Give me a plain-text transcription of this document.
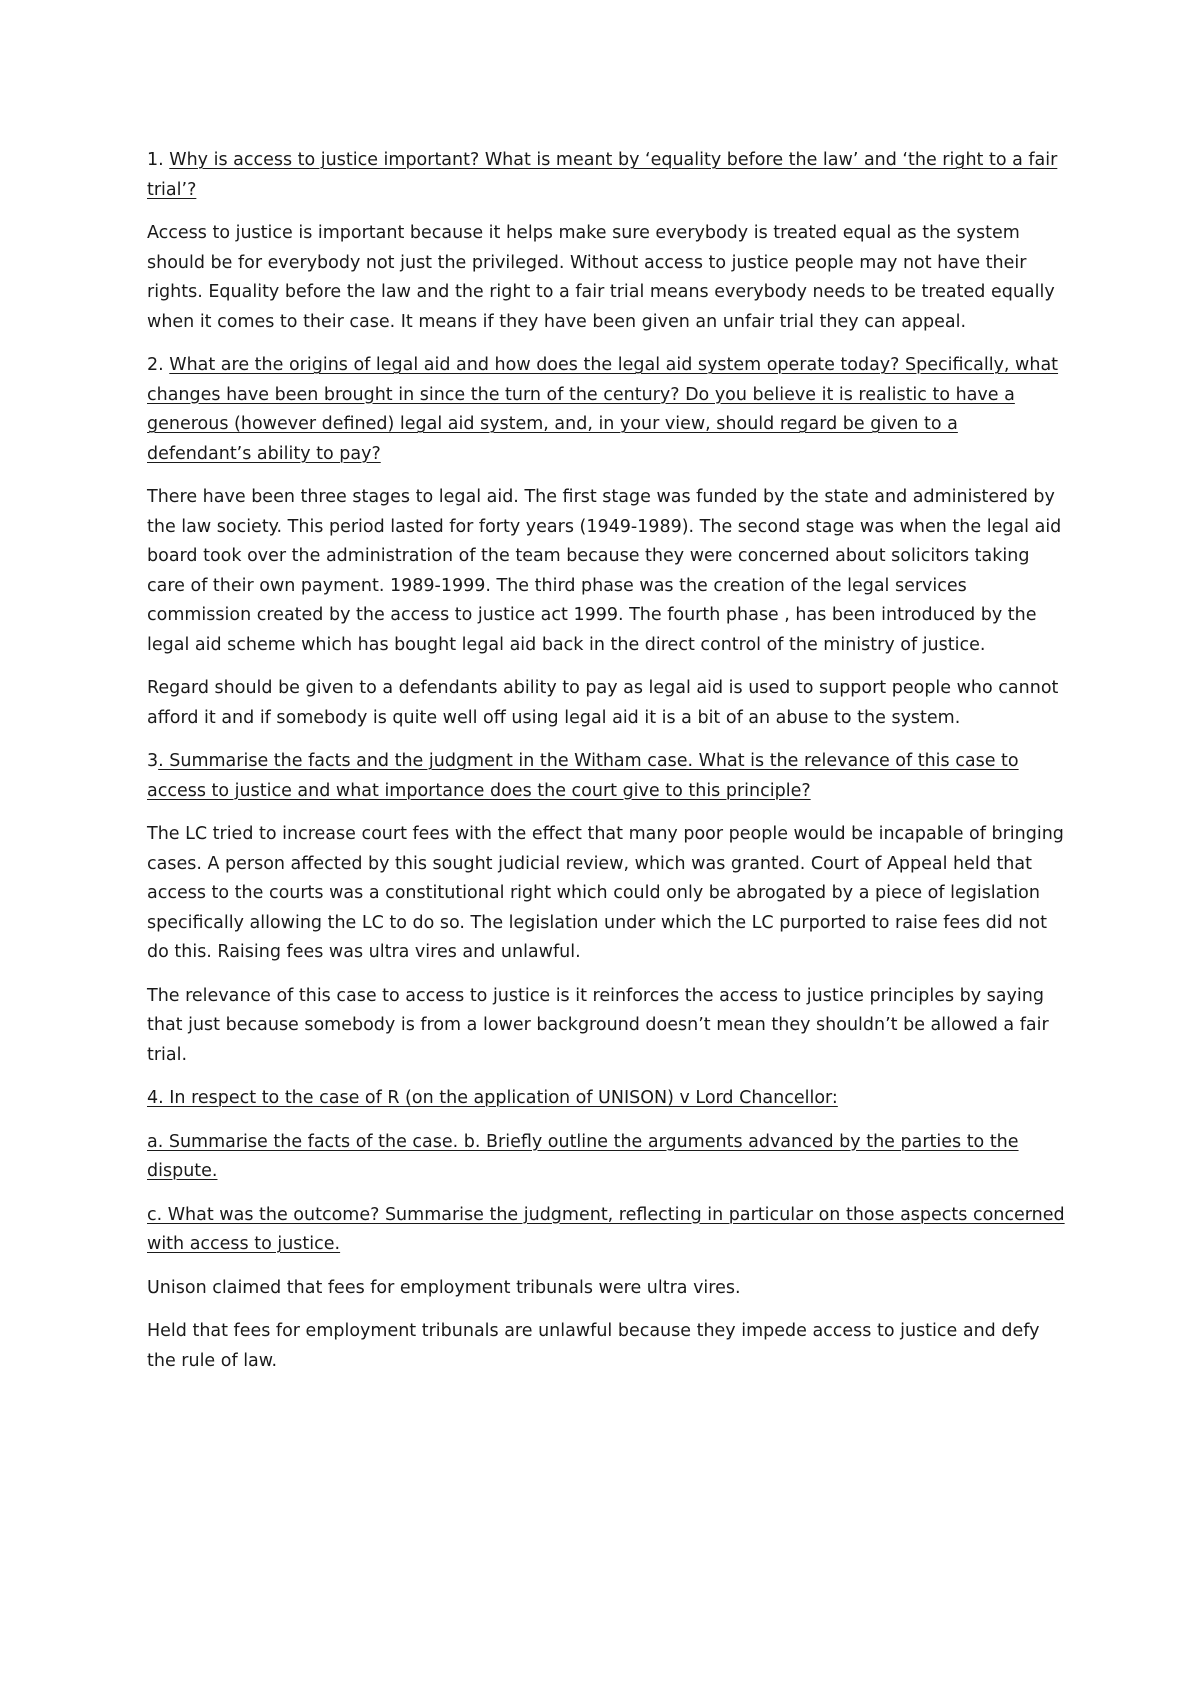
1. Why is access to justice important? What is meant by ‘equality before the law’ and ‘the right to a fair trial’?

Access to justice is important because it helps make sure everybody is treated equal as the system should be for everybody not just the privileged. Without access to justice people may not have their rights. Equality before the law and the right to a fair trial means everybody needs to be treated equally when it comes to their case. It means if they have been given an unfair trial they can appeal.

2. What are the origins of legal aid and how does the legal aid system operate today? Specifically, what changes have been brought in since the turn of the century? Do you believe it is realistic to have a generous (however defined) legal aid system, and, in your view, should regard be given to a defendant’s ability to pay?

There have been three stages to legal aid. The first stage was funded by the state and administered by the law society. This period lasted for forty years (1949-1989). The second stage was when the legal aid board took over the administration of the team because they were concerned about solicitors taking care of their own payment. 1989-1999. The third phase was the creation of the legal services commission created by the access to justice act 1999. The fourth phase , has been introduced by the legal aid scheme which has bought legal aid back in the direct control of the ministry of justice.

Regard should be given to a defendants ability to pay as legal aid is used to support people who cannot afford it and if somebody is quite well off using legal aid it is a bit of an abuse to the system.

3. Summarise the facts and the judgment in the Witham case. What is the relevance of this case to access to justice and what importance does the court give to this principle?

The LC tried to increase court fees with the effect that many poor people would be incapable of bringing cases. A person affected by this sought judicial review, which was granted. Court of Appeal held that access to the courts was a constitutional right which could only be abrogated by a piece of legislation specifically allowing the LC to do so. The legislation under which the LC purported to raise fees did not do this. Raising fees was ultra vires and unlawful.

The relevance of this case to access to justice is it reinforces the access to justice principles by saying that just because somebody is from a lower background doesn’t mean they shouldn’t be allowed a fair trial.

4. In respect to the case of R (on the application of UNISON) v Lord Chancellor:

a. Summarise the facts of the case. b. Briefly outline the arguments advanced by the parties to the dispute.

c. What was the outcome? Summarise the judgment, reflecting in particular on those aspects concerned with access to justice.

Unison claimed that fees for employment tribunals were ultra vires.

Held that fees for employment tribunals are unlawful because they impede access to justice and defy the rule of law.
